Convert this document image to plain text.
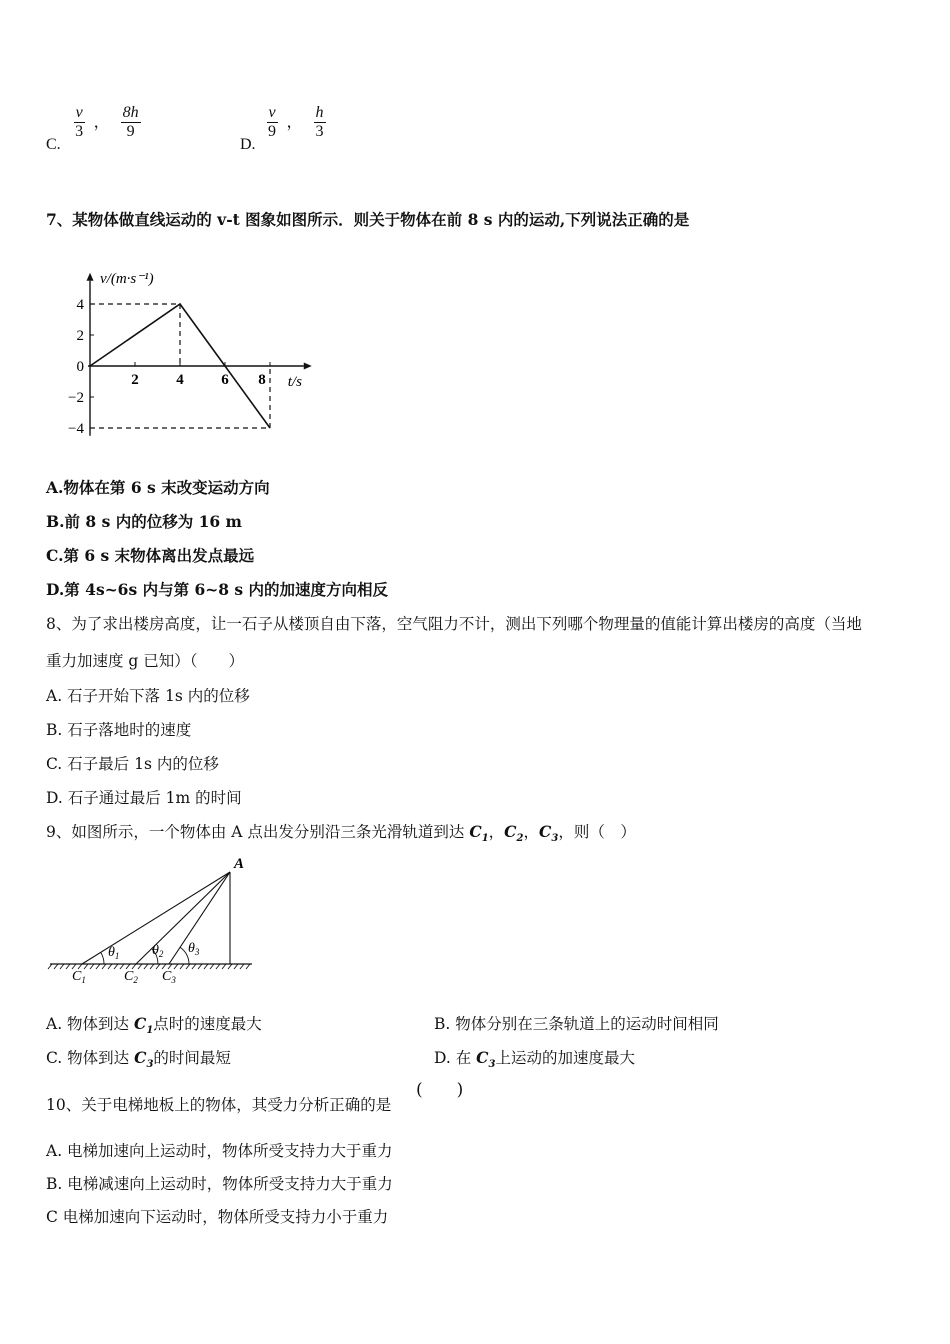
C.
$\frac{v}{3}$ ， $\frac{8h}{9}$
D.
$\frac{v}{9}$ ， $\frac{h}{3}$
7、某物体做直线运动的 v-t 图象如图所示．则关于物体在前 8 s 内的运动,下列说法正确的是
v/(m·s⁻¹)
t/s
4
2
0
−2
−4
2	4	6 8
A.物体在第 6 s 末改变运动方向
B.前 8 s 内的位移为 16 m
C.第 6 s 末物体离出发点最远
D.第 4s~6s 内与第 6~8 s 内的加速度方向相反
8、为了求出楼房高度，让一石子从楼顶自由下落，空气阻力不计，测出下列哪个物理量的值能计算出楼房的高度（当地
重力加速度 g 已知）（　　）
A. 石子开始下落 1s 内的位移
B. 石子落地时的速度
C. 石子最后 1s 内的位移
D. 石子通过最后 1m 的时间
9、如图所示，一个物体由 A 点出发分别沿三条光滑轨道到达 $C_1$，$C_2$，$C_3$，则（　）
A
$\theta_1$ $\theta_2$ $\theta_3$
$C_1$	$C_2$ $C_3$
A. 物体到达 $C_1$点时的速度最大	B. 物体分别在三条轨道上的运动时间相同
C. 物体到达 $C_3$的时间最短	D. 在 $C_3$上运动的加速度最大
10、关于电梯地板上的物体，其受力分析正确的是
(　　)
A. 电梯加速向上运动时，物体所受支持力大于重力
B. 电梯减速向上运动时，物体所受支持力大于重力
C 电梯加速向下运动时，物体所受支持力小于重力
